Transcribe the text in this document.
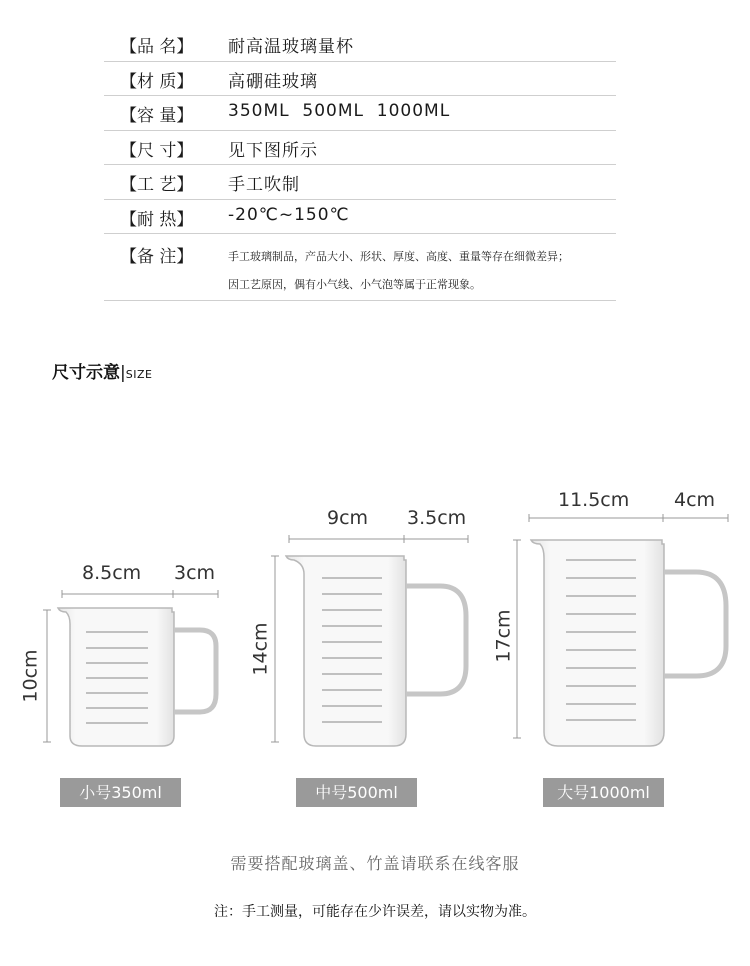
【品 名】 耐高温玻璃量杯
【材 质】 高硼硅玻璃
【容 量】 350ML  500ML  1000ML
【尺 寸】 见下图所示
【工 艺】 手工吹制
【耐 热】 -20℃~150℃
【备 注】	手工玻璃制品，产品大小、形状、厚度、高度、重量等存在细微差异；
因工艺原因，偶有小气线、小气泡等属于正常现象。
尺寸示意|SIZE
8.5cm 3cm
10cm
9cm 3.5cm
14cm
11.5cm 4cm
17cm
小号350ml	中号500ml	大号1000ml
需要搭配玻璃盖、竹盖请联系在线客服
注：手工测量，可能存在少许误差，请以实物为准。
